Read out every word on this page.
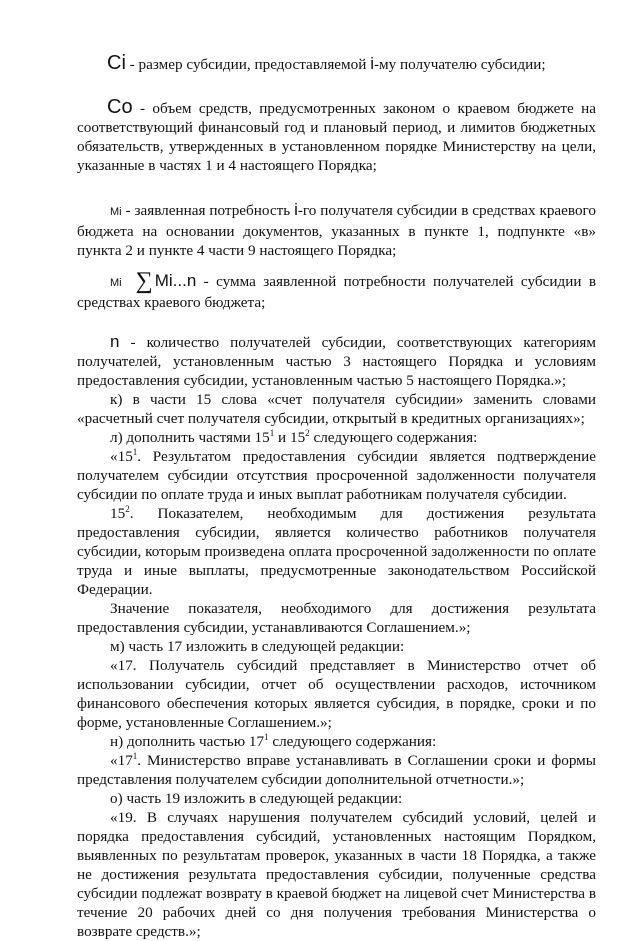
Ci - размер субсидии, предоставляемой i-му получателю субсидии;

Co - объем средств, предусмотренных законом о краевом бюджете на соответствующий финансовый год и плановый период, и лимитов бюджетных обязательств, утвержденных в установленном порядке Министерству на цели, указанные в частях 1 и 4 настоящего Порядка;

Mi - заявленная потребность i-го получателя субсидии в средствах краевого бюджета на основании документов, указанных в пункте 1, подпункте «в» пункта 2 и пункте 4 части 9 настоящего Порядка;

Mi ∑ Mi...n - сумма заявленной потребности получателей субсидии в средствах краевого бюджета;

n - количество получателей субсидии, соответствующих категориям получателей, установленным частью 3 настоящего Порядка и условиям предоставления субсидии, установленным частью 5 настоящего Порядка.»;

к) в части 15 слова «счет получателя субсидии» заменить словами «расчетный счет получателя субсидии, открытый в кредитных организациях»;

л) дополнить частями $15^1$ и $15^2$ следующего содержания:

«$15^1$. Результатом предоставления субсидии является подтверждение получателем субсидии отсутствия просроченной задолженности получателя субсидии по оплате труда и иных выплат работникам получателя субсидии.

$15^2$. Показателем, необходимым для достижения результата предоставления субсидии, является количество работников получателя субсидии, которым произведена оплата просроченной задолженности по оплате труда и иные выплаты, предусмотренные законодательством Российской Федерации.

Значение показателя, необходимого для достижения результата предоставления субсидии, устанавливаются Соглашением.»;

м) часть 17 изложить в следующей редакции:

«17. Получатель субсидий представляет в Министерство отчет об использовании субсидии, отчет об осуществлении расходов, источником финансового обеспечения которых является субсидия, в порядке, сроки и по форме, установленные Соглашением.»;

н) дополнить частью $17^1$ следующего содержания:

«$17^1$. Министерство вправе устанавливать в Соглашении сроки и формы представления получателем субсидии дополнительной отчетности.»;

о) часть 19 изложить в следующей редакции:

«19. В случаях нарушения получателем субсидий условий, целей и порядка предоставления субсидий, установленных настоящим Порядком, выявленных по результатам проверок, указанных в части 18 Порядка, а также не достижения результата предоставления субсидии, полученные средства субсидии подлежат возврату в краевой бюджет на лицевой счет Министерства в течение 20 рабочих дней со дня получения требования Министерства о возврате средств.»;
